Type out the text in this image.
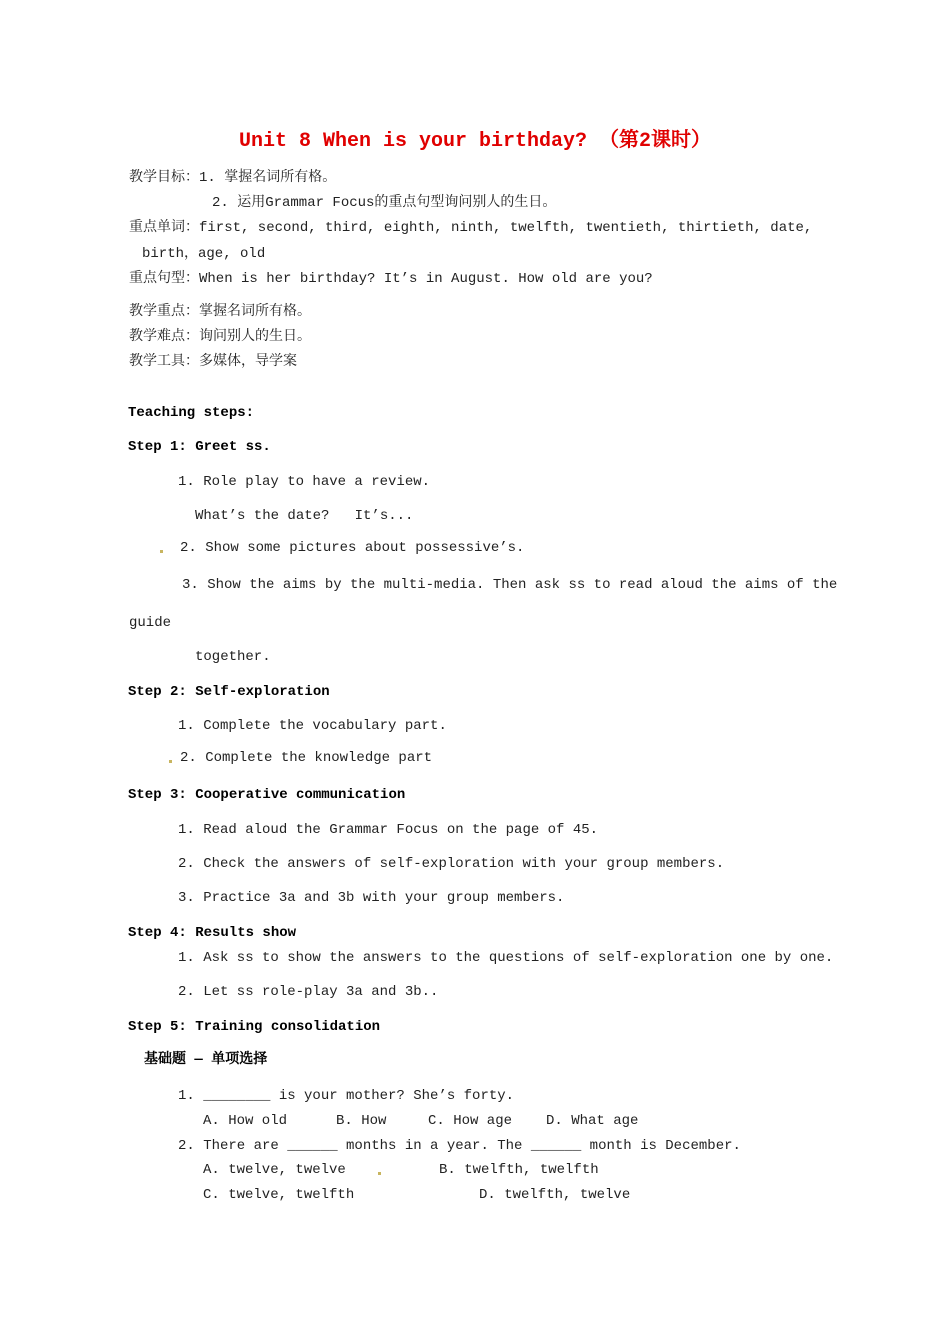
Unit 8 When is your birthday? （第2课时）
教学目标：1. 掌握名词所有格。
2. 运用Grammar Focus的重点句型询问别人的生日。
重点单词：first, second, third, eighth, ninth, twelfth, twentieth, thirtieth, date,
birth，age, old
重点句型：When is her birthday? It’s in August. How old are you?
教学重点：掌握名词所有格。
教学难点：询问别人的生日。
教学工具：多媒体，导学案
Teaching steps:
Step 1: Greet ss.
1. Role play to have a review.
What’s the date?   It’s...
2. Show some pictures about possessive’s.
3. Show the aims by the multi-media. Then ask ss to read aloud the aims of the
guide
together.
Step 2: Self-exploration
1. Complete the vocabulary part.
2. Complete the knowledge part
Step 3: Cooperative communication
1. Read aloud the Grammar Focus on the page of 45.
2. Check the answers of self-exploration with your group members.
3. Practice 3a and 3b with your group members.
Step 4: Results show
1. Ask ss to show the answers to the questions of self-exploration one by one.
2. Let ss role-play 3a and 3b..
Step 5: Training consolidation
基础题 — 单项选择
1. ________ is your mother? She’s forty.
A. How old	B. How	C. How age D. What age
2. There are ______ months in a year. The ______ month is December.
A. twelve, twelve	B. twelfth, twelfth
C. twelve, twelfth	D. twelfth, twelve
